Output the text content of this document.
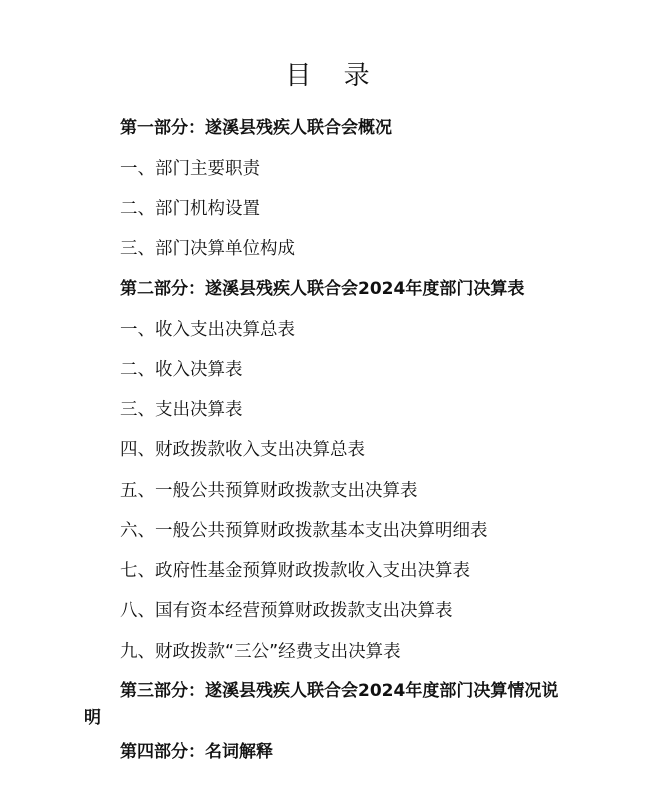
目 录
第一部分：遂溪县残疾人联合会概况
一、部门主要职责
二、部门机构设置
三、部门决算单位构成
第二部分：遂溪县残疾人联合会2024年度部门决算表
一、收入支出决算总表
二、收入决算表
三、支出决算表
四、财政拨款收入支出决算总表
五、一般公共预算财政拨款支出决算表
六、一般公共预算财政拨款基本支出决算明细表
七、政府性基金预算财政拨款收入支出决算表
八、国有资本经营预算财政拨款支出决算表
九、财政拨款“三公”经费支出决算表
第三部分：遂溪县残疾人联合会2024年度部门决算情况说明
第四部分：名词解释
